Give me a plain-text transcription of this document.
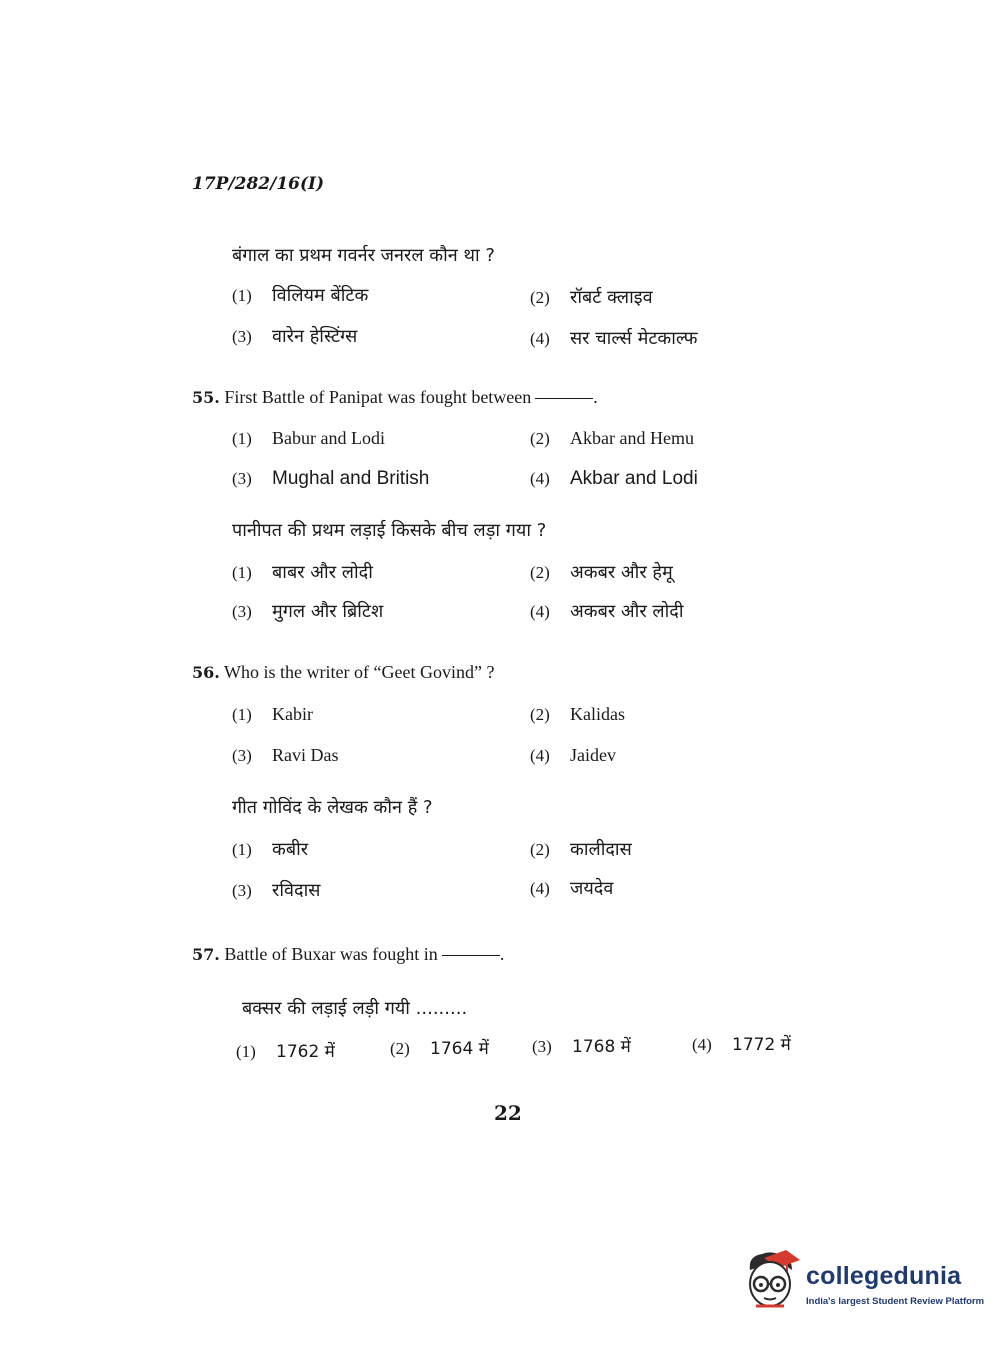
17P/282/16(I)
बंगाल का प्रथम गवर्नर जनरल कौन था ?
(1) विलियम बेंटिक	(2) रॉबर्ट क्लाइव
(3) वारेन हेस्टिंग्स	(4) सर चार्ल्स मेटकाल्फ
55. First Battle of Panipat was fought between	.
(1) Babur and Lodi	(2) Akbar and Hemu
(3) Mughal and British	(4) Akbar and Lodi
पानीपत की प्रथम लड़ाई किसके बीच लड़ा गया ?
(1) बाबर और लोदी	(2) अकबर और हेमू
(3) मुगल और ब्रिटिश	(4) अकबर और लोदी
56. Who is the writer of “Geet Govind” ?
(1) Kabir	(2) Kalidas
(3) Ravi Das	(4) Jaidev
गीत गोविंद के लेखक कौन हैं ?
(1) कबीर	(2) कालीदास
(3) रविदास	(4) जयदेव
57. Battle of Buxar was fought in	.
बक्सर की लड़ाई लड़ी गयी .........
(1) 1762 में	(2) 1764 में	(3) 1768 में	(4) 1772 में
22
collegedunia
India's largest Student Review Platform
